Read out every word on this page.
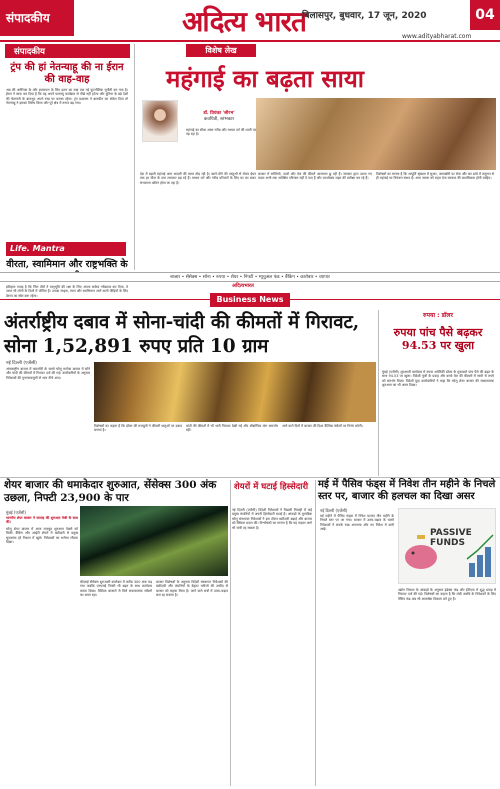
संपादकीय	अदित्य भारत
बिलासपुर, बुधवार, 17 जून, 2020	04
www.adityabharat.com
संपादकीय
ट्रंप की हां नेतन्याहू की ना ईरान की वाह-वाह
अब की अमेरिका के और इजरायल के लिए इरान का रुख एक नई कूटनीतिक चुनौती बन गया है। ईरान ने साफ कर दिया है कि वह अपने परमाणु कार्यक्रम से पीछे नहीं हटेगा और दुनिया के बड़े देशों की चेतावनी के बावजूद अपने रुख पर कायम रहेगा। ट्रंप प्रशासन ने बातचीत का संकेत दिया तो नेतन्याहू ने इसका विरोध किया और पूरे क्षेत्र में तनाव बढ़ गया।
Life. Mantra
वीरता, स्वामिमान और राष्ट्रभक्ति के
इतिहास गवाह है कि जिन वीरों ने मातृभूमि की रक्षा के लिए अपना सर्वस्व न्योछावर कर दिया, वे आज भी लोगों के दिलों में जीवित हैं। उनका साहस, त्याग और स्वाभिमान आने वाली पीढ़ियों के लिए प्रेरणा का स्रोत बना रहेगा।
विशेष लेख
महंगाई का बढ़ता साया
डॉ. प्रियंका 'सौरभ'
कवयित्री, स्तंभकार
महंगाई का सीधा असर गरीब और मध्यम वर्ग की थाली पर पड़ रहा है।
देश में बढ़ती महंगाई आम आदमी की कमर तोड़ रही है। खाने-पीने की वस्तुओं से लेकर ईंधन तक हर चीज के दाम लगातार बढ़ रहे हैं। मध्यम वर्ग और गरीब परिवारों के लिए घर का बजट संभालना कठिन होता जा रहा है।
बाजार में सब्जियों, दालों और तेल की कीमतें आसमान छू रही हैं। सरकार द्वारा उठाए गए कदम अभी तक अपेक्षित परिणाम नहीं दे पाए हैं और उपभोक्ता राहत की प्रतीक्षा कर रहे हैं।
विशेषज्ञों का मानना है कि आपूर्ति श्रृंखला में सुधार, जमाखोरी पर रोक और कर ढांचे में संतुलन से ही महंगाई पर नियंत्रण संभव है। आम जनता को राहत देना सरकार की प्राथमिकता होनी चाहिए।
बाजार • सेंसेक्स • सोना • रुपया • शेयर • निफ्टी • म्यूचुअल फंड • बैंकिंग • कारोबार • व्यापार
Business News
अदित्यभारत
अंतर्राष्ट्रीय दबाव में सोना-चांदी की कीमतों में गिरावट, सोना 1,52,891 रुपए प्रति 10 ग्राम
नई दिल्ली (एजेंसी)
अंतरराष्ट्रीय बाजार में कमजोरी के चलते घरेलू सर्राफा बाजार में सोने और चांदी की कीमतों में गिरावट दर्ज की गई। कारोबारियों के अनुसार निवेशकों की मुनाफावसूली से भाव नीचे आए।
विशेषज्ञों का कहना है कि डॉलर की मजबूती ने कीमती धातुओं पर दबाव बनाया है।
चांदी की कीमतों में भी भारी गिरावट देखी गई और औद्योगिक मांग कमजोर रही।
आने वाले दिनों में बाजार की दिशा वैश्विक संकेतों पर निर्भर करेगी।
रुपया : डॉलर
रुपया पांच पैसे बढ़कर 94.53 पर खुला
मुंबई (एजेंसी) शुरुआती कारोबार में रुपया अमेरिकी डॉलर के मुकाबले पांच पैसे की बढ़त के साथ 94.53 पर खुला। विदेशी पूंजी के प्रवाह और कच्चे तेल की कीमतों में नरमी से रुपये को समर्थन मिला। विदेशी मुद्रा कारोबारियों ने कहा कि घरेलू शेयर बाजार की सकारात्मक शुरुआत का भी असर दिखा।
शेयर बाजार की धमाकेदार शुरुआत, सेंसेक्स 300 अंक उछला, निफ्टी 23,900 के पार
मुंबई (एजेंसी)

भारतीय शेयर बाजार ने सप्ताह की शुरुआत तेजी के साथ की।

घरेलू शेयर बाजार में आज मजबूत शुरुआत देखने को मिली। बैंकिंग और आईटी शेयरों में खरीदारी से प्रमुख सूचकांक हरे निशान में खुले। निवेशकों का भरोसा लौटता दिखा।

बीएसई सेंसेक्स शुरुआती कारोबार में करीब 300 अंक चढ़ गया जबकि एनएसई निफ्टी भी बढ़त के साथ कारोबार करता दिखा। वैश्विक बाजारों से मिले सकारात्मक संकेतों का असर रहा।
बाजार विशेषज्ञों के अनुसार विदेशी संस्थागत निवेशकों की खरीदारी और कंपनियों के बेहतर नतीजों की उम्मीद से बाजार को सहारा मिला है। आने वाले सत्रों में उतार-चढ़ाव बना रह सकता है।
शेयरों में घटाई हिस्सेदारी
नई दिल्ली (एजेंसी) विदेशी निवेशकों ने पिछली तिमाही में कई प्रमुख कंपनियों में अपनी हिस्सेदारी घटाई है। आंकड़ों के मुताबिक घरेलू संस्थागत निवेशकों ने इस दौरान खरीदारी बढ़ाई और बाजार को स्थिरता प्रदान की। विश्लेषकों का मानना है कि यह रुझान आगे भी जारी रह सकता है।
मई में पैसिव फंड्स में निवेश तीन महीने के निचले स्तर पर, बाजार की हलचल का दिखा असर
नई दिल्ली (एजेंसी)
मई महीने में पैसिव फंड्स में निवेश घटकर तीन महीने के निचले स्तर पर आ गया। बाजार में उतार-चढ़ाव के चलते निवेशकों ने सतर्क रुख अपनाया और नए निवेश में कमी आई।	PASSIVE FUNDS
उद्योग निकाय के आंकड़ों के अनुसार इंडेक्स फंड और ईटीएफ में शुद्ध प्रवाह में गिरावट दर्ज की गई। विशेषज्ञों का कहना है कि लंबी अवधि के निवेशकों के लिए पैसिव फंड अब भी आकर्षक विकल्प बने हुए हैं।
